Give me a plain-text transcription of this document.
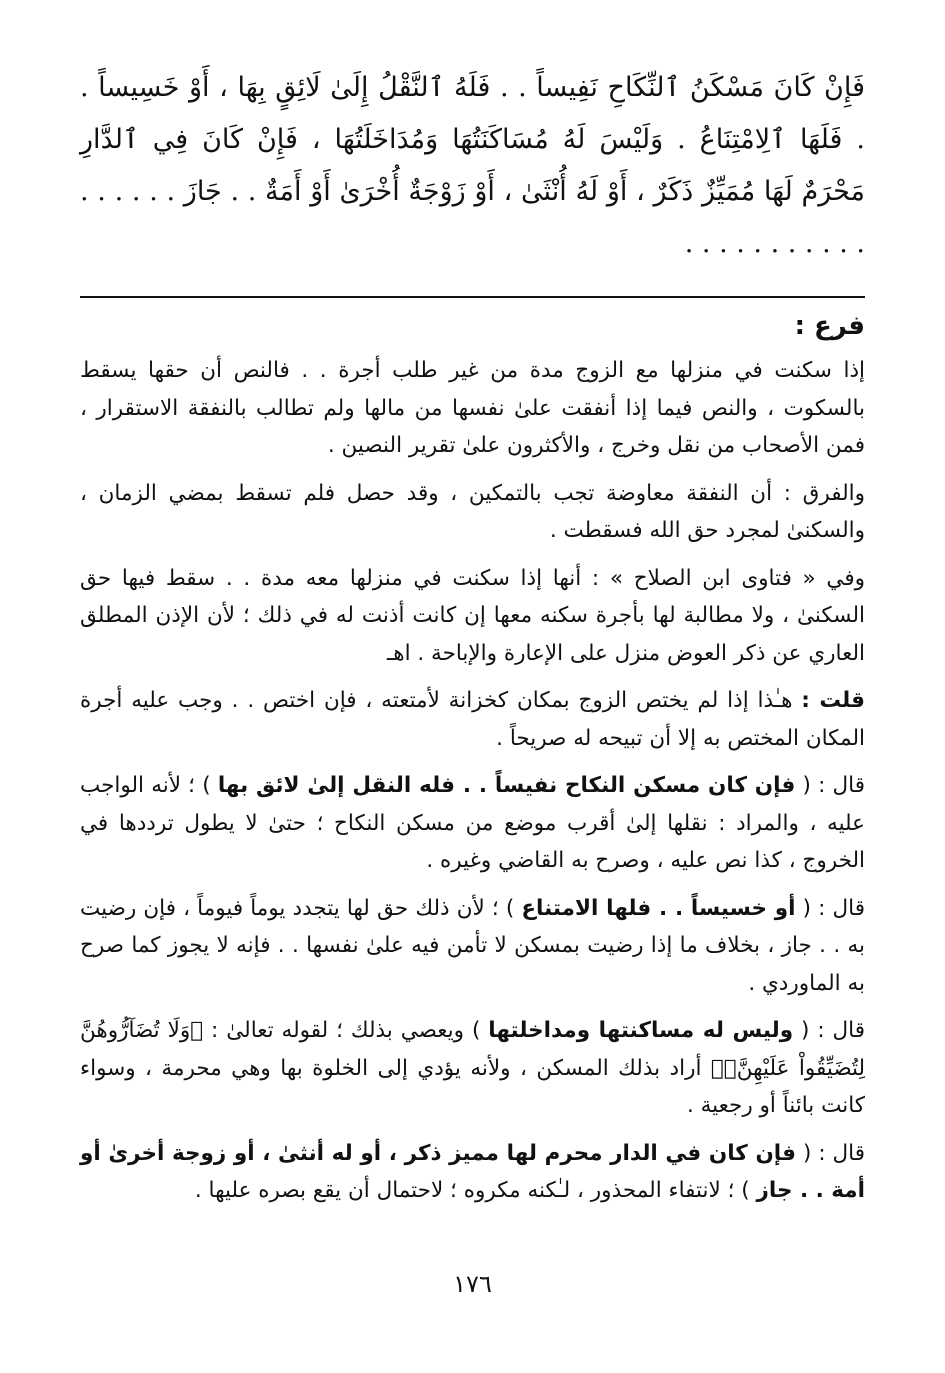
فَإِنْ كَانَ مَسْكَنُ ٱلنِّكَاحِ نَفِيساً . . فَلَهُ ٱلنَّقْلُ إِلَىٰ لَائِقٍ بِهَا ، أَوْ خَسِيساً . . فَلَهَا ٱلِامْتِنَاعُ . وَلَيْسَ لَهُ مُسَاكَنَتُهَا وَمُدَاخَلَتُهَا ، فَإِنْ كَانَ فِي ٱلدَّارِ مَحْرَمٌ لَهَا مُمَيِّزٌ ذَكَرٌ ، أَوْ لَهُ أُنْثَىٰ ، أَوْ زَوْجَةٌ أُخْرَىٰ أَوْ أَمَةٌ . . جَازَ . . . . . . . . . . . . . . . . .

فرع :

إذا سكنت في منزلها مع الزوج مدة من غير طلب أجرة . . فالنص أن حقها يسقط بالسكوت ، والنص فيما إذا أنفقت علىٰ نفسها من مالها ولم تطالب بالنفقة الاستقرار ، فمن الأصحاب من نقل وخرج ، والأكثرون علىٰ تقرير النصين .

والفرق : أن النفقة معاوضة تجب بالتمكين ، وقد حصل فلم تسقط بمضي الزمان ، والسكنىٰ لمجرد حق الله فسقطت .

وفي « فتاوى ابن الصلاح » : أنها إذا سكنت في منزلها معه مدة . . سقط فيها حق السكنىٰ ، ولا مطالبة لها بأجرة سكنه معها إن كانت أذنت له في ذلك ؛ لأن الإذن المطلق العاري عن ذكر العوض منزل على الإعارة والإباحة . اهـ

قلت : هـٰذا إذا لم يختص الزوج بمكان كخزانة لأمتعته ، فإن اختص . . وجب عليه أجرة المكان المختص به إلا أن تبيحه له صريحاً .

قال : ( فإن كان مسكن النكاح نفيساً . . فله النقل إلىٰ لائق بها ) ؛ لأنه الواجب عليه ، والمراد : نقلها إلىٰ أقرب موضع من مسكن النكاح ؛ حتىٰ لا يطول ترددها في الخروج ، كذا نص عليه ، وصرح به القاضي وغيره .

قال : ( أو خسيساً . . فلها الامتناع ) ؛ لأن ذلك حق لها يتجدد يوماً فيوماً ، فإن رضيت به . . جاز ، بخلاف ما إذا رضيت بمسكن لا تأمن فيه علىٰ نفسها . . فإنه لا يجوز كما صرح به الماوردي .

قال : ( وليس له مساكنتها ومداخلتها ) ويعصي بذلك ؛ لقوله تعالىٰ : ﴿وَلَا تُضَآرُّوهُنَّ لِتُضَيِّقُواْ عَلَيْهِنَّۚ﴾ أراد بذلك المسكن ، ولأنه يؤدي إلى الخلوة بها وهي محرمة ، وسواء كانت بائناً أو رجعية .

قال : ( فإن كان في الدار محرم لها مميز ذكر ، أو له أنثىٰ ، أو زوجة أخرىٰ أو أمة . . جاز ) ؛ لانتفاء المحذور ، لـٰكنه مكروه ؛ لاحتمال أن يقع بصره عليها .

١٧٦
